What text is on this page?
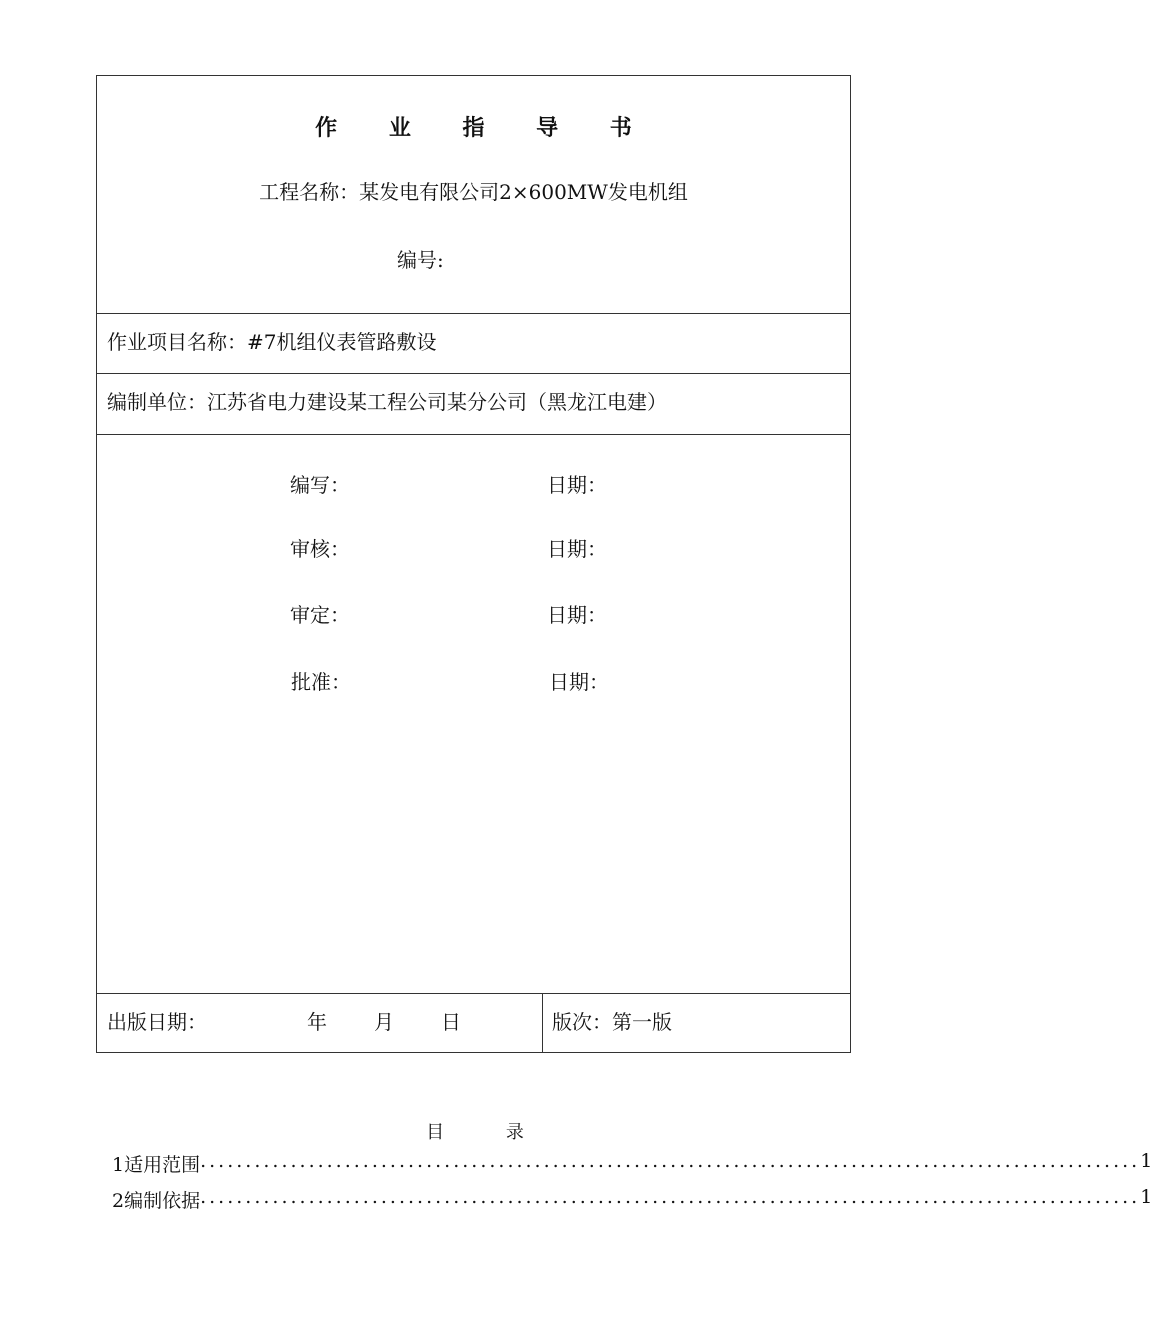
作 业 指 导 书
工程名称：某发电有限公司2×600MW发电机组
编号:
作业项目名称：#7机组仪表管路敷设
编制单位：江苏省电力建设某工程公司某分公司（黑龙江电建）
编写：	日期：
审核：	日期：
审定：	日期：
批准：	日期：
出版日期：	年 月 日	版次：第一版
目 录
1适用范围 ........................................................................................................ 1
2编制依据 ........................................................................................................ 1
